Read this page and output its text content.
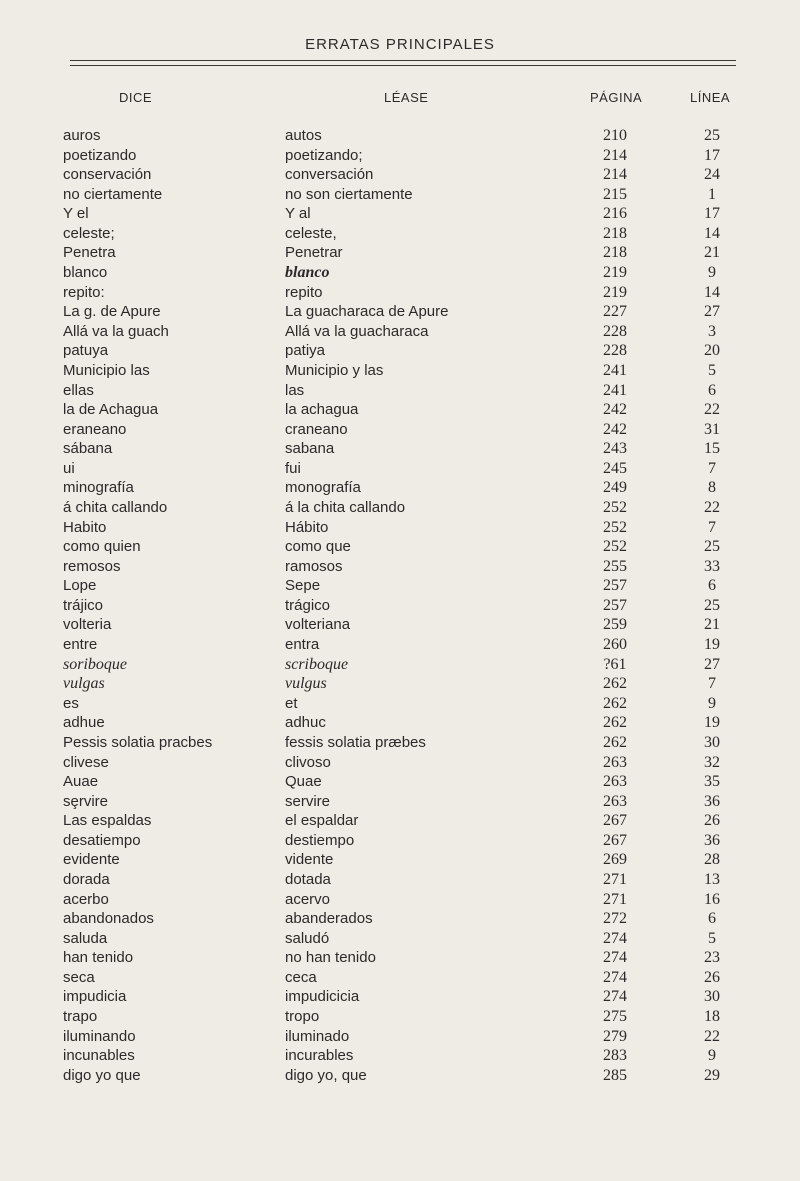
ERRATAS PRINCIPALES
DICE	LÉASE	PÁGINA	LÍNEA
auros	autos	210	25
poetizando	poetizando;	214	17
conservación	conversación	214	24
no ciertamente	no son ciertamente	215	1
Y el	Y al	216	17
celeste;	celeste,	218	14
Penetra	Penetrar	218	21
blanco	blanco	219	9
repito:	repito	219	14
La g. de Apure	La guacharaca de Apure	227	27
Allá va la guach	Allá va la guacharaca	228	3
patuya	patiya	228	20
Municipio las	Municipio y las	241	5
ellas	las	241	6
la de Achagua	la achagua	242	22
eraneano	craneano	242	31
sábana	sabana	243	15
ui	fui	245	7
minografía	monografía	249	8
á chita callando	á la chita callando	252	22
Habito	Hábito	252	7
como quien	como que	252	25
remosos	ramosos	255	33
Lope	Sepe	257	6
trájico	trágico	257	25
volteria	volteriana	259	21
entre	entra	260	19
soriboque	scriboque	?61	27
vulgas	vulgus	262	7
es	et	262	9
adhue	adhuc	262	19
Pessis solatia pracbes	fessis solatia præbes	262	30
clivese	clivoso	263	32
Auae	Quae	263	35
sȩrvire	servire	263	36
Las espaldas	el espaldar	267	26
desatiempo	destiempo	267	36
evidente	vidente	269	28
dorada	dotada	271	13
acerbo	acervo	271	16
abandonados	abanderados	272	6
saluda	saludó	274	5
han tenido	no han tenido	274	23
seca	ceca	274	26
impudicia	impudicicia	274	30
trapo	tropo	275	18
iluminando	iluminado	279	22
incunables	incurables	283	9
digo yo que	digo yo, que	285	29
